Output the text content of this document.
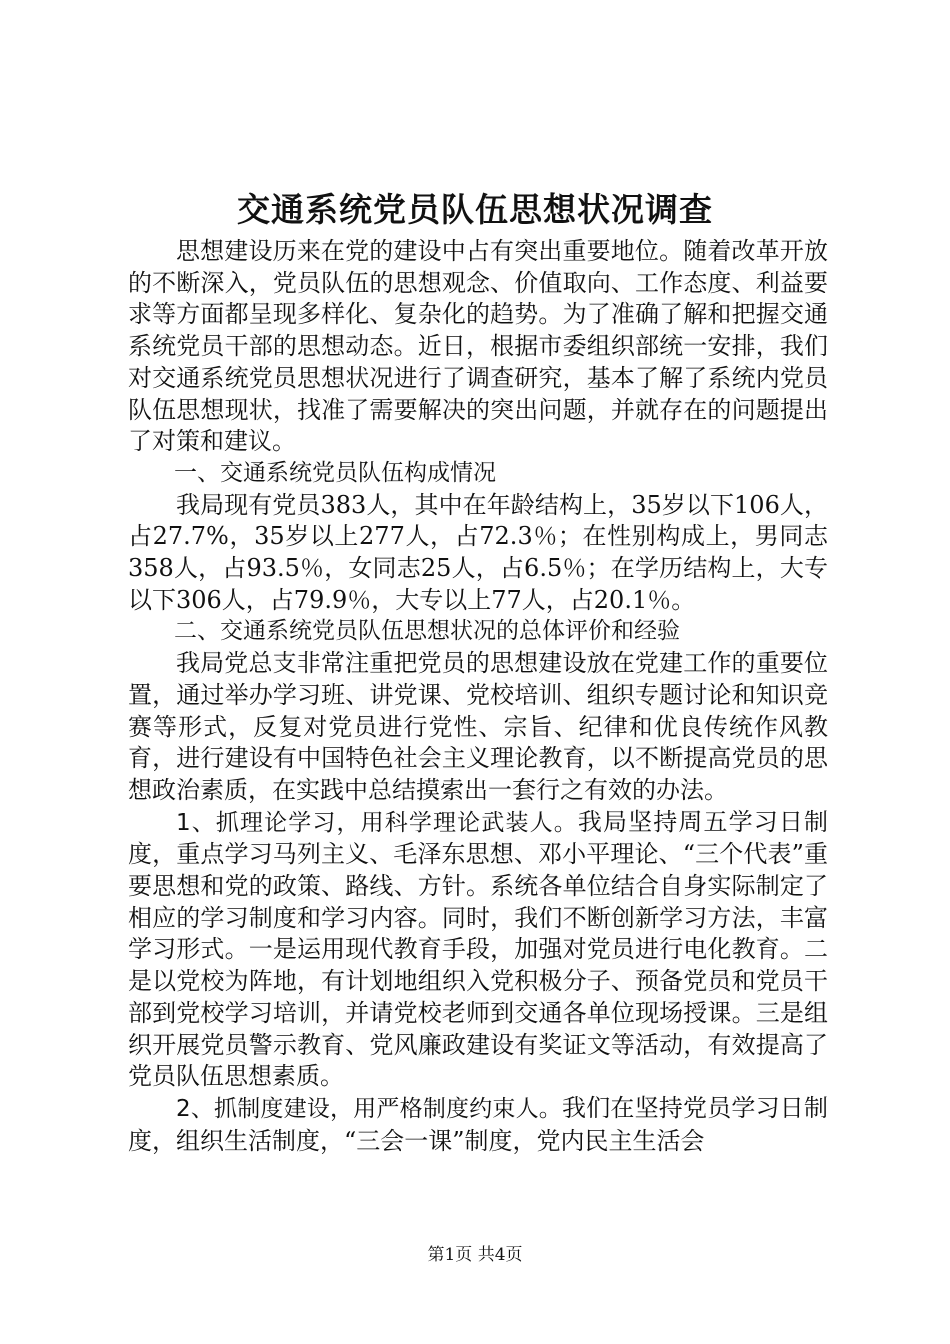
交通系统党员队伍思想状况调查

思想建设历来在党的建设中占有突出重要地位。随着改革开放的不断深入，党员队伍的思想观念、价值取向、工作态度、利益要求等方面都呈现多样化、复杂化的趋势。为了准确了解和把握交通系统党员干部的思想动态。近日，根据市委组织部统一安排，我们对交通系统党员思想状况进行了调查研究，基本了解了系统内党员队伍思想现状，找准了需要解决的突出问题，并就存在的问题提出了对策和建议。

一、交通系统党员队伍构成情况

我局现有党员383人，其中在年龄结构上，35岁以下106人，占27.7%，35岁以上277人，占72.3％；在性别构成上，男同志358人，占93.5％，女同志25人，占6.5％；在学历结构上，大专以下306人，占79.9％，大专以上77人，占20.1％。

二、交通系统党员队伍思想状况的总体评价和经验

我局党总支非常注重把党员的思想建设放在党建工作的重要位置，通过举办学习班、讲党课、党校培训、组织专题讨论和知识竞赛等形式，反复对党员进行党性、宗旨、纪律和优良传统作风教育，进行建设有中国特色社会主义理论教育，以不断提高党员的思想政治素质，在实践中总结摸索出一套行之有效的办法。

1、抓理论学习，用科学理论武装人。我局坚持周五学习日制度，重点学习马列主义、毛泽东思想、邓小平理论、“三个代表”重要思想和党的政策、路线、方针。系统各单位结合自身实际制定了相应的学习制度和学习内容。同时，我们不断创新学习方法，丰富学习形式。一是运用现代教育手段，加强对党员进行电化教育。二是以党校为阵地，有计划地组织入党积极分子、预备党员和党员干部到党校学习培训，并请党校老师到交通各单位现场授课。三是组织开展党员警示教育、党风廉政建设有奖证文等活动，有效提高了党员队伍思想素质。

2、抓制度建设，用严格制度约束人。我们在坚持党员学习日制度，组织生活制度，“三会一课”制度，党内民主生活会

第1页 共4页
